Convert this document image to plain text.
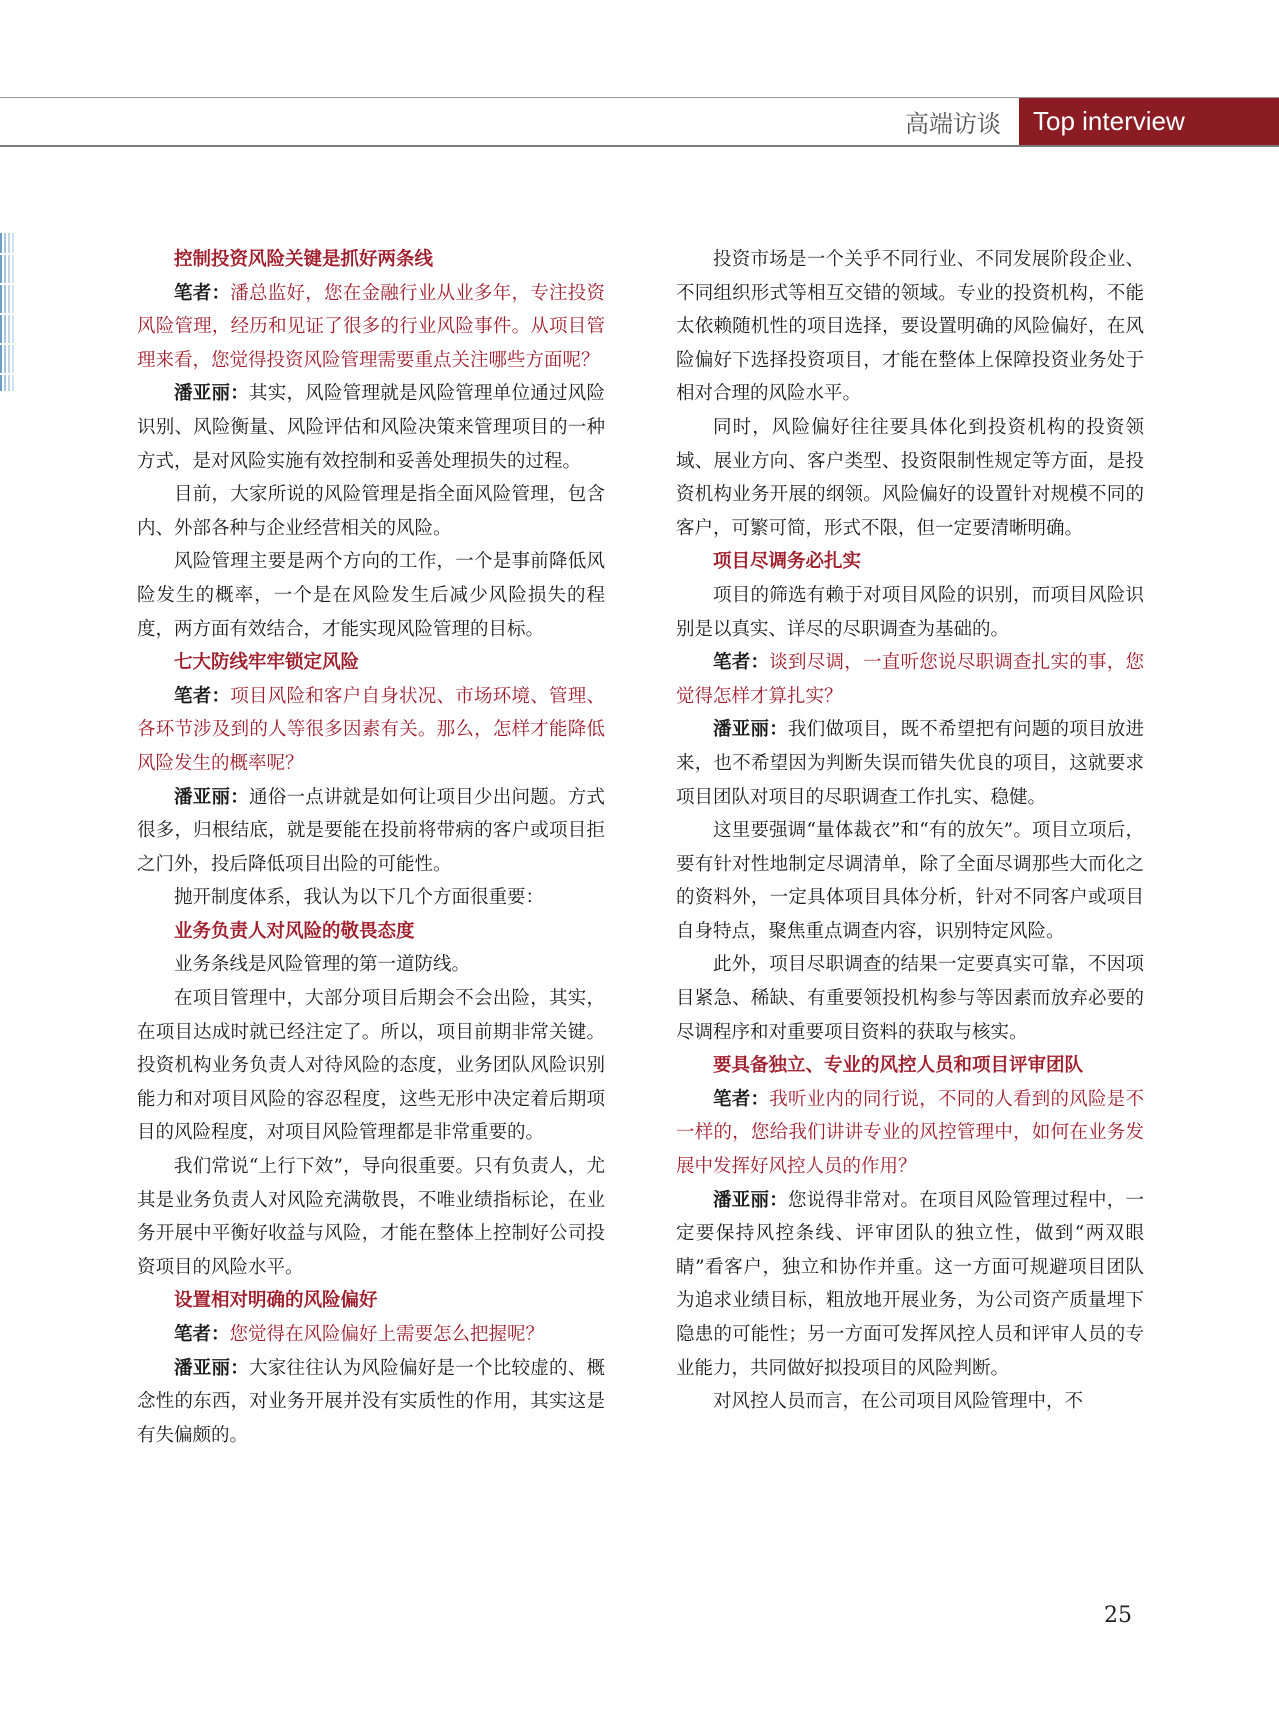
高端访谈	Top interview
控制投资风险关键是抓好两条线

笔者：潘总监好，您在金融行业从业多年，专注投资风险管理，经历和见证了很多的行业风险事件。从项目管理来看，您觉得投资风险管理需要重点关注哪些方面呢？

潘亚丽：其实，风险管理就是风险管理单位通过风险识别、风险衡量、风险评估和风险决策来管理项目的一种方式，是对风险实施有效控制和妥善处理损失的过程。

目前，大家所说的风险管理是指全面风险管理，包含内、外部各种与企业经营相关的风险。

风险管理主要是两个方向的工作，一个是事前降低风险发生的概率，一个是在风险发生后减少风险损失的程度，两方面有效结合，才能实现风险管理的目标。

七大防线牢牢锁定风险

笔者：项目风险和客户自身状况、市场环境、管理、各环节涉及到的人等很多因素有关。那么，怎样才能降低风险发生的概率呢？

潘亚丽：通俗一点讲就是如何让项目少出问题。方式很多，归根结底，就是要能在投前将带病的客户或项目拒之门外，投后降低项目出险的可能性。

抛开制度体系，我认为以下几个方面很重要：

业务负责人对风险的敬畏态度

业务条线是风险管理的第一道防线。

在项目管理中，大部分项目后期会不会出险，其实，在项目达成时就已经注定了。所以，项目前期非常关键。投资机构业务负责人对待风险的态度，业务团队风险识别能力和对项目风险的容忍程度，这些无形中决定着后期项目的风险程度，对项目风险管理都是非常重要的。

我们常说“上行下效”，导向很重要。只有负责人，尤其是业务负责人对风险充满敬畏，不唯业绩指标论，在业务开展中平衡好收益与风险，才能在整体上控制好公司投资项目的风险水平。

设置相对明确的风险偏好

笔者：您觉得在风险偏好上需要怎么把握呢？

潘亚丽：大家往往认为风险偏好是一个比较虚的、概念性的东西，对业务开展并没有实质性的作用，其实这是有失偏颇的。

投资市场是一个关乎不同行业、不同发展阶段企业、不同组织形式等相互交错的领域。专业的投资机构，不能太依赖随机性的项目选择，要设置明确的风险偏好，在风险偏好下选择投资项目，才能在整体上保障投资业务处于相对合理的风险水平。

同时，风险偏好往往要具体化到投资机构的投资领域、展业方向、客户类型、投资限制性规定等方面，是投资机构业务开展的纲领。风险偏好的设置针对规模不同的客户，可繁可简，形式不限，但一定要清晰明确。

项目尽调务必扎实

项目的筛选有赖于对项目风险的识别，而项目风险识别是以真实、详尽的尽职调查为基础的。

笔者：谈到尽调，一直听您说尽职调查扎实的事，您觉得怎样才算扎实？

潘亚丽：我们做项目，既不希望把有问题的项目放进来，也不希望因为判断失误而错失优良的项目，这就要求项目团队对项目的尽职调查工作扎实、稳健。

这里要强调“量体裁衣”和“有的放矢”。项目立项后，要有针对性地制定尽调清单，除了全面尽调那些大而化之的资料外，一定具体项目具体分析，针对不同客户或项目自身特点，聚焦重点调查内容，识别特定风险。

此外，项目尽职调查的结果一定要真实可靠，不因项目紧急、稀缺、有重要领投机构参与等因素而放弃必要的尽调程序和对重要项目资料的获取与核实。

要具备独立、专业的风控人员和项目评审团队

笔者：我听业内的同行说，不同的人看到的风险是不一样的，您给我们讲讲专业的风控管理中，如何在业务发展中发挥好风控人员的作用？

潘亚丽：您说得非常对。在项目风险管理过程中，一定要保持风控条线、评审团队的独立性，做到“两双眼睛”看客户，独立和协作并重。这一方面可规避项目团队为追求业绩目标，粗放地开展业务，为公司资产质量埋下隐患的可能性；另一方面可发挥风控人员和评审人员的专业能力，共同做好拟投项目的风险判断。

对风控人员而言，在公司项目风险管理中，不

25
